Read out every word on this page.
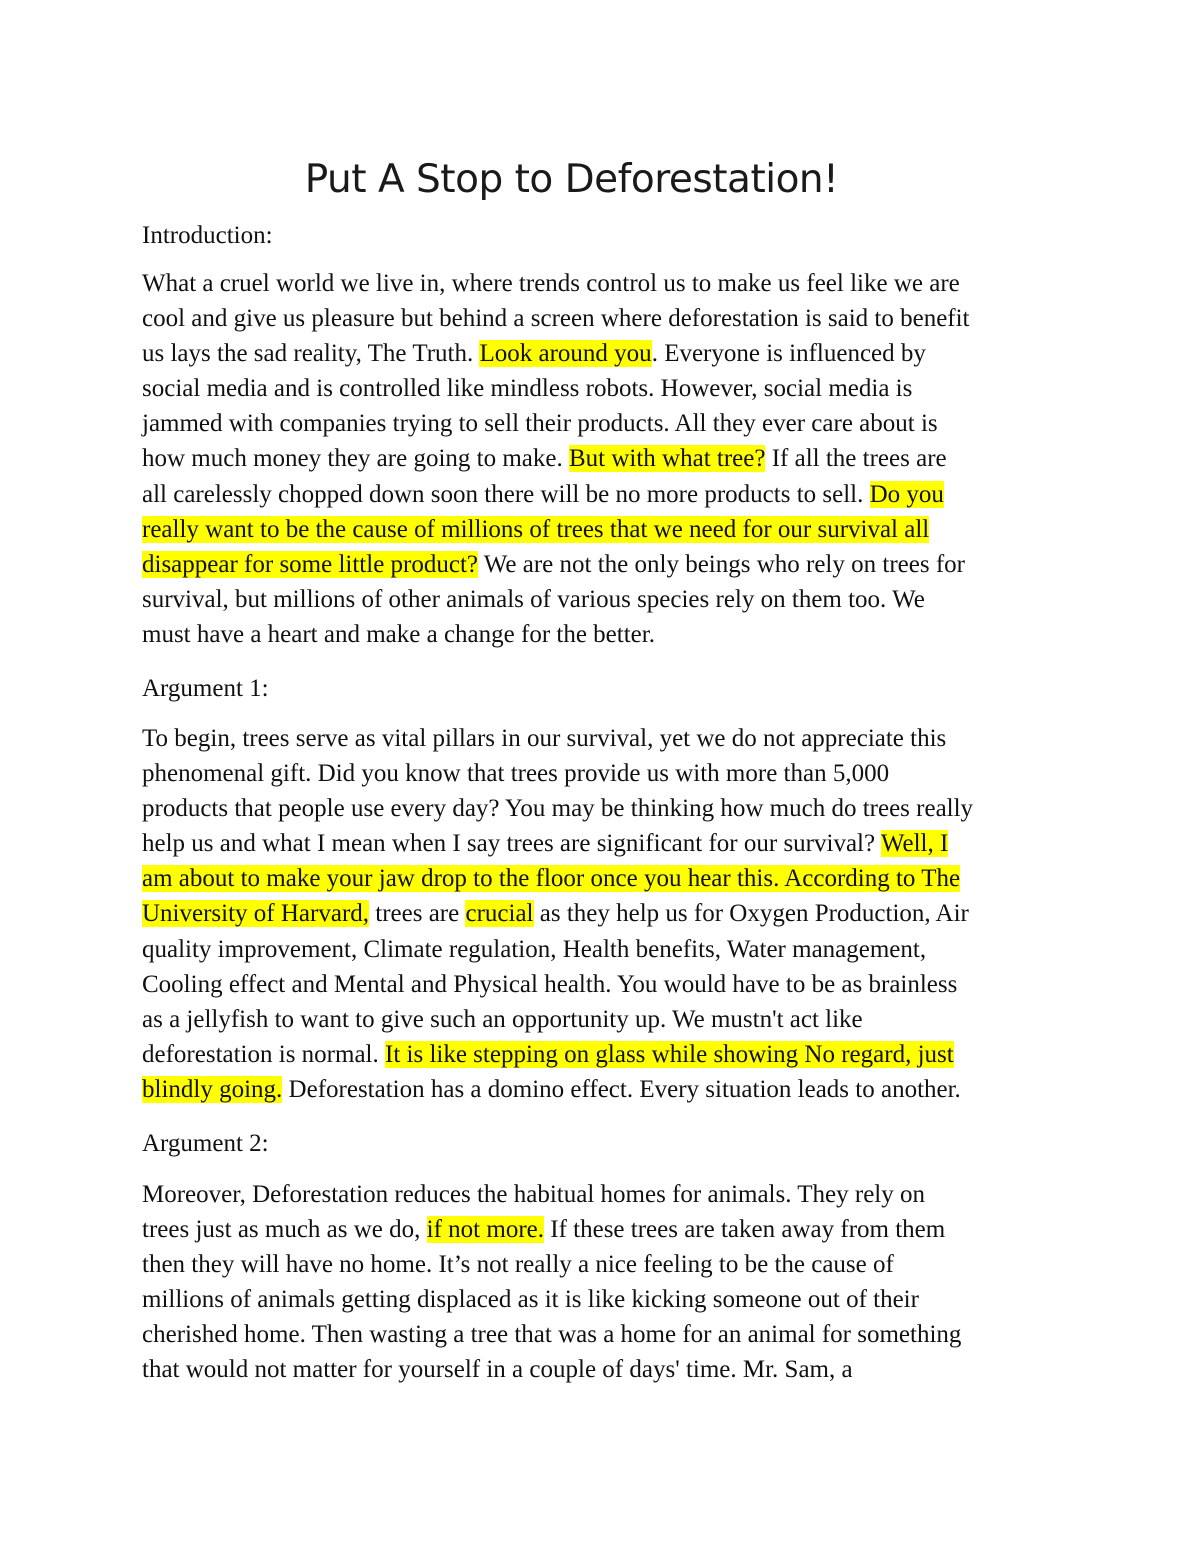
Put A Stop to Deforestation!
Introduction:
What a cruel world we live in, where trends control us to make us feel like we are
cool and give us pleasure but behind a screen where deforestation is said to benefit
us lays the sad reality, The Truth. Look around you. Everyone is influenced by
social media and is controlled like mindless robots. However, social media is
jammed with companies trying to sell their products. All they ever care about is
how much money they are going to make. But with what tree? If all the trees are
all carelessly chopped down soon there will be no more products to sell. Do you
really want to be the cause of millions of trees that we need for our survival all
disappear for some little product? We are not the only beings who rely on trees for
survival, but millions of other animals of various species rely on them too. We
must have a heart and make a change for the better.
Argument 1:
To begin, trees serve as vital pillars in our survival, yet we do not appreciate this
phenomenal gift. Did you know that trees provide us with more than 5,000
products that people use every day? You may be thinking how much do trees really
help us and what I mean when I say trees are significant for our survival? Well, I
am about to make your jaw drop to the floor once you hear this. According to The
University of Harvard, trees are crucial as they help us for Oxygen Production, Air
quality improvement, Climate regulation, Health benefits, Water management,
Cooling effect and Mental and Physical health. You would have to be as brainless
as a jellyfish to want to give such an opportunity up. We mustn't act like
deforestation is normal. It is like stepping on glass while showing No regard, just
blindly going. Deforestation has a domino effect. Every situation leads to another.
Argument 2:
Moreover, Deforestation reduces the habitual homes for animals. They rely on
trees just as much as we do, if not more. If these trees are taken away from them
then they will have no home. It’s not really a nice feeling to be the cause of
millions of animals getting displaced as it is like kicking someone out of their
cherished home. Then wasting a tree that was a home for an animal for something
that would not matter for yourself in a couple of days' time. Mr. Sam, a
